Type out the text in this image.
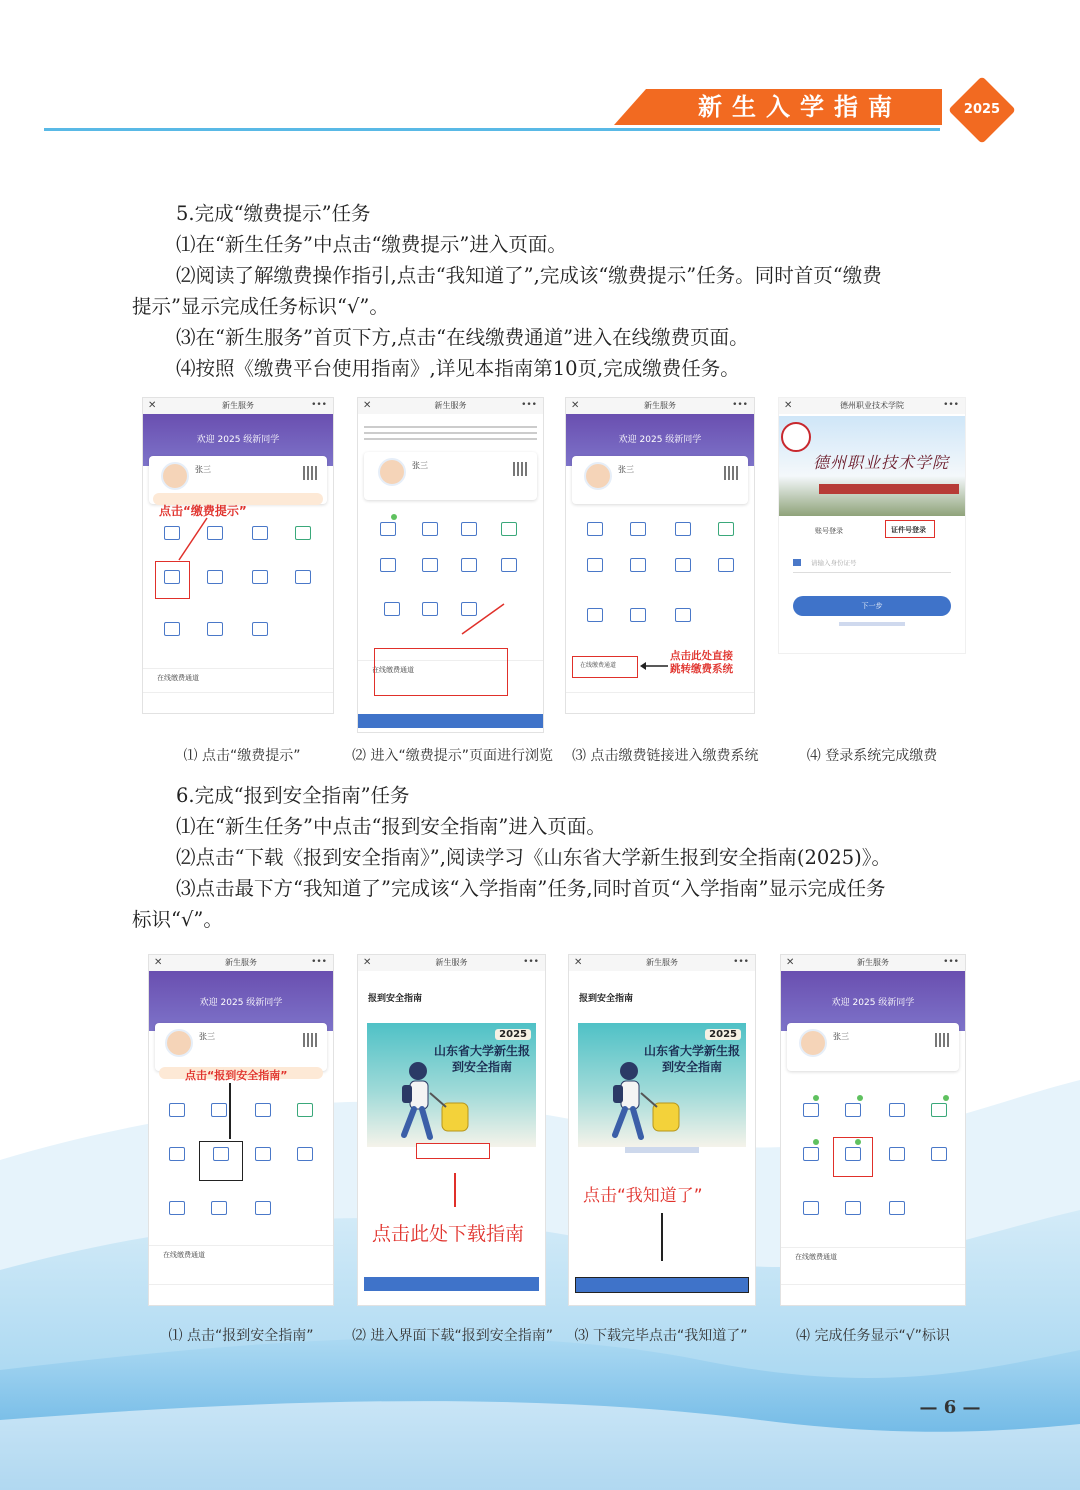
新生入学指南	2025
5.完成“缴费提示”任务
⑴在“新生任务”中点击“缴费提示”进入页面。
⑵阅读了解缴费操作指引,点击“我知道了”,完成该“缴费提示”任务。同时首页“缴费
提示”显示完成任务标识“√”。
⑶在“新生服务”首页下方,点击“在线缴费通道”进入在线缴费页面。
⑷按照《缴费平台使用指南》,详见本指南第10页,完成缴费任务。
新生服务
✕	•••
欢迎 2025 级新同学
张三
点击“缴费提示”
在线缴费通道
新生服务
✕	•••
张三
在线缴费通道
新生服务
✕	•••
欢迎 2025 级新同学
张三
在线缴费通道
点击此处直接
跳转缴费系统
德州职业技术学院
✕	•••
德州职业技术学院
账号登录	证件号登录
请输入身份证号
下一步
⑴ 点击“缴费提示”	⑵ 进入“缴费提示”页面进行浏览 ⑶ 点击缴费链接进入缴费系统	⑷ 登录系统完成缴费
6.完成“报到安全指南”任务
⑴在“新生任务”中点击“报到安全指南”进入页面。
⑵点击“下载《报到安全指南》”,阅读学习《山东省大学新生报到安全指南(2025)》。
⑶点击最下方“我知道了”完成该“入学指南”任务,同时首页“入学指南”显示完成任务
标识“√”。
新生服务
✕	•••
欢迎 2025 级新同学
张三
点击“报到安全指南”
在线缴费通道
新生服务
✕	•••
报到安全指南
2025
山东省大学新生报到安全指南
点击此处下载指南
新生服务
✕	•••
报到安全指南
2025
山东省大学新生报到安全指南
点击“我知道了”
新生服务
✕	•••
欢迎 2025 级新同学
张三
在线缴费通道
⑴ 点击“报到安全指南”	⑵ 进入界面下载“报到安全指南”	⑶ 下载完毕点击“我知道了”	⑷ 完成任务显示“√”标识
— 6 —
